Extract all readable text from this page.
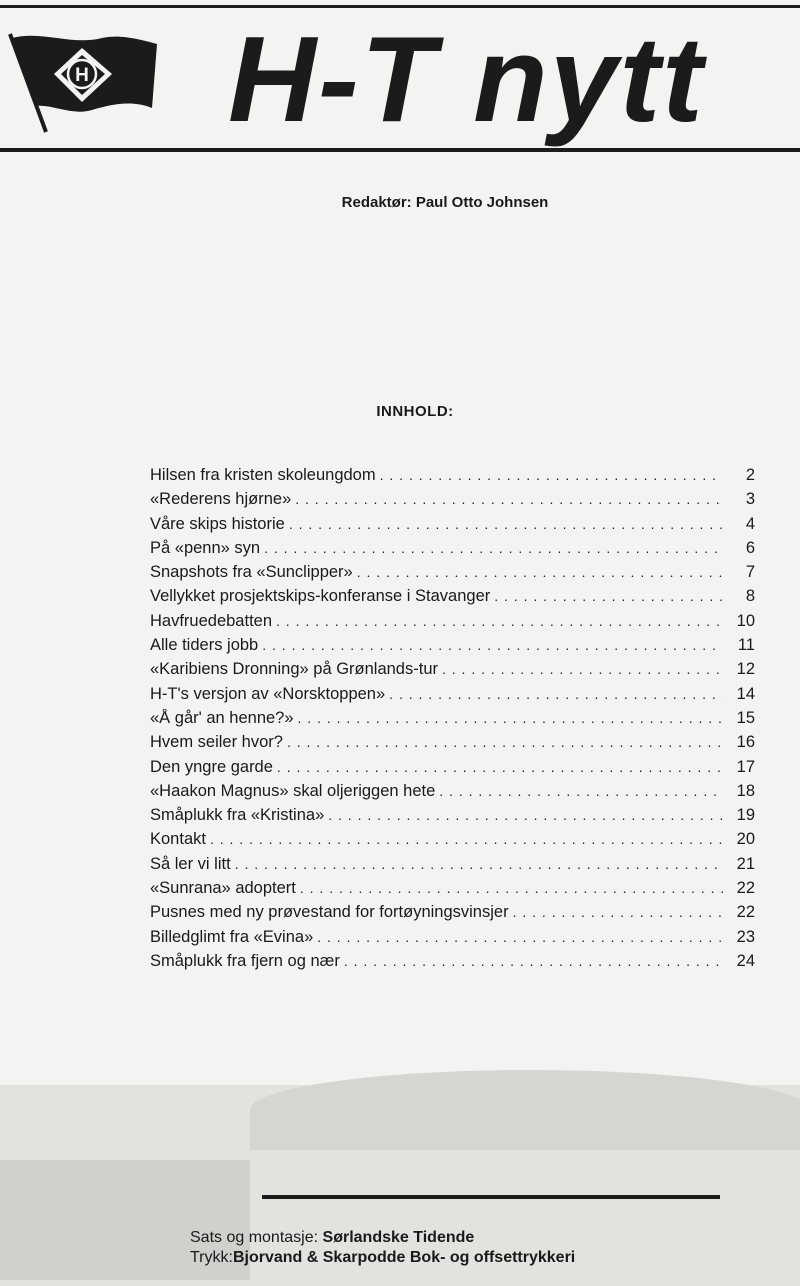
H H-T nytt
Redaktør: Paul Otto Johnsen
INNHOLD:
Hilsen fra kristen skoleungdom . . .	2
«Rederens hjørne» . . .	3
Våre skips historie . . .	4
På «penn» syn . . .	6
Snapshots fra «Sunclipper» . . .	7
Vellykket prosjektskips-konferanse i Stavanger . . .	8
Havfruedebatten . . .	10
Alle tiders jobb . . .	11
«Karibiens Dronning» på Grønlands-tur . . .	12
H-T's versjon av «Norsktoppen» . . .	14
«Å går' an henne?» . . .	15
Hvem seiler hvor? . . .	16
Den yngre garde . . .	17
«Haakon Magnus» skal oljeriggen hete . . .	18
Småplukk fra «Kristina» . . .	19
Kontakt . . .	20
Så ler vi litt . . .	21
«Sunrana» adoptert . . .	22
Pusnes med ny prøvestand for fortøyningsvinsjer . . .	22
Billedglimt fra «Evina» . . .	23
Småplukk fra fjern og nær . . .	24
Sats og montasje: Sørlandske Tidende
Trykk:Bjorvand & Skarpodde Bok- og offsettrykkeri
